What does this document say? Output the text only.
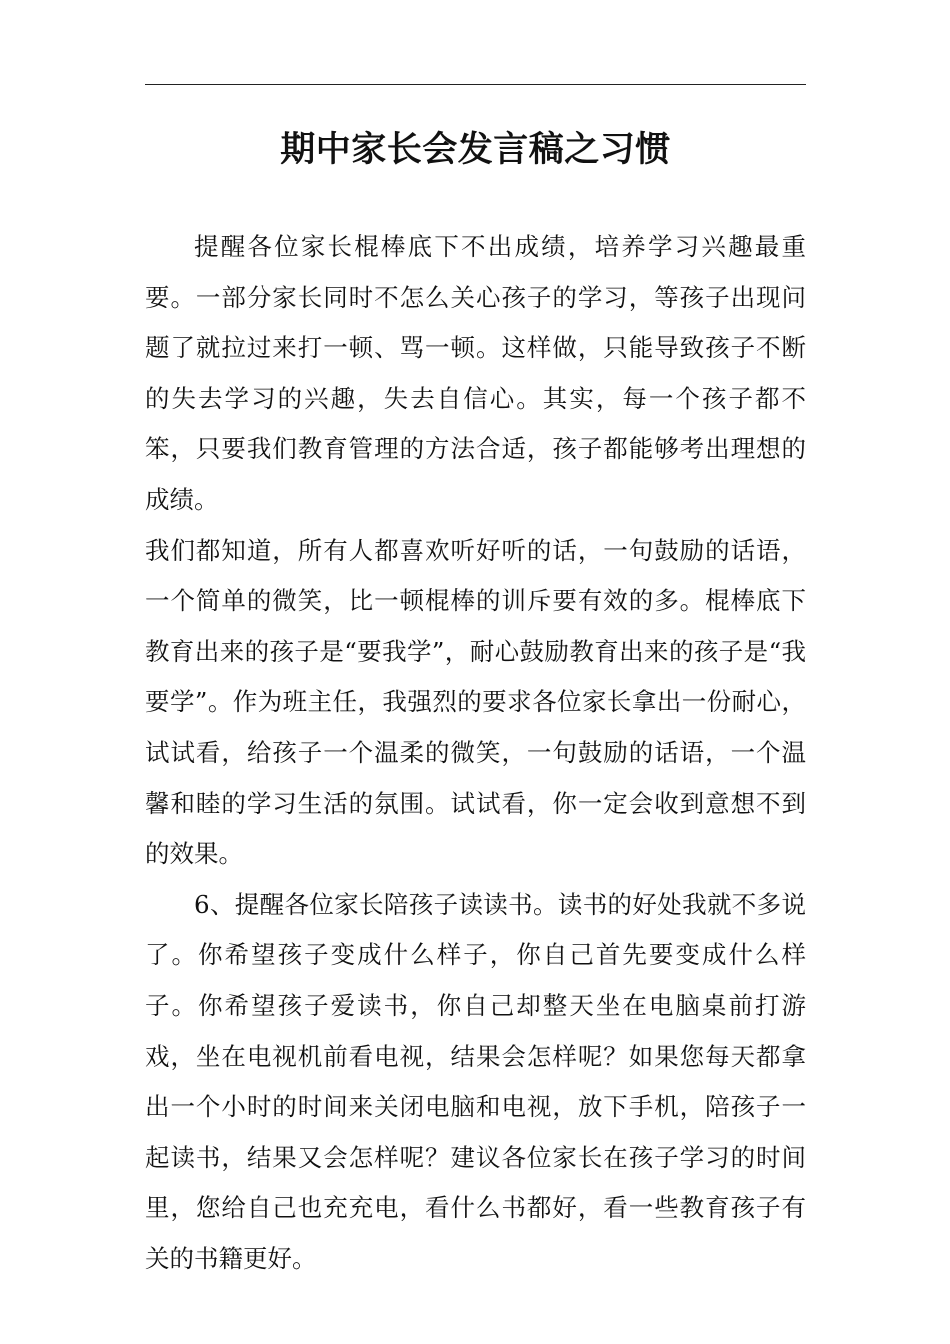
期中家长会发言稿之习惯

提醒各位家长棍棒底下不出成绩，培养学习兴趣最重要。一部分家长同时不怎么关心孩子的学习，等孩子出现问题了就拉过来打一顿、骂一顿。这样做，只能导致孩子不断的失去学习的兴趣，失去自信心。其实，每一个孩子都不笨，只要我们教育管理的方法合适，孩子都能够考出理想的成绩。

我们都知道，所有人都喜欢听好听的话，一句鼓励的话语，一个简单的微笑，比一顿棍棒的训斥要有效的多。棍棒底下教育出来的孩子是“要我学”，耐心鼓励教育出来的孩子是“我要学”。作为班主任，我强烈的要求各位家长拿出一份耐心，试试看，给孩子一个温柔的微笑，一句鼓励的话语，一个温馨和睦的学习生活的氛围。试试看，你一定会收到意想不到的效果。

6、提醒各位家长陪孩子读读书。读书的好处我就不多说了。你希望孩子变成什么样子，你自己首先要变成什么样子。你希望孩子爱读书，你自己却整天坐在电脑桌前打游戏，坐在电视机前看电视，结果会怎样呢？如果您每天都拿出一个小时的时间来关闭电脑和电视，放下手机，陪孩子一起读书，结果又会怎样呢？建议各位家长在孩子学习的时间里，您给自己也充充电，看什么书都好，看一些教育孩子有关的书籍更好。
